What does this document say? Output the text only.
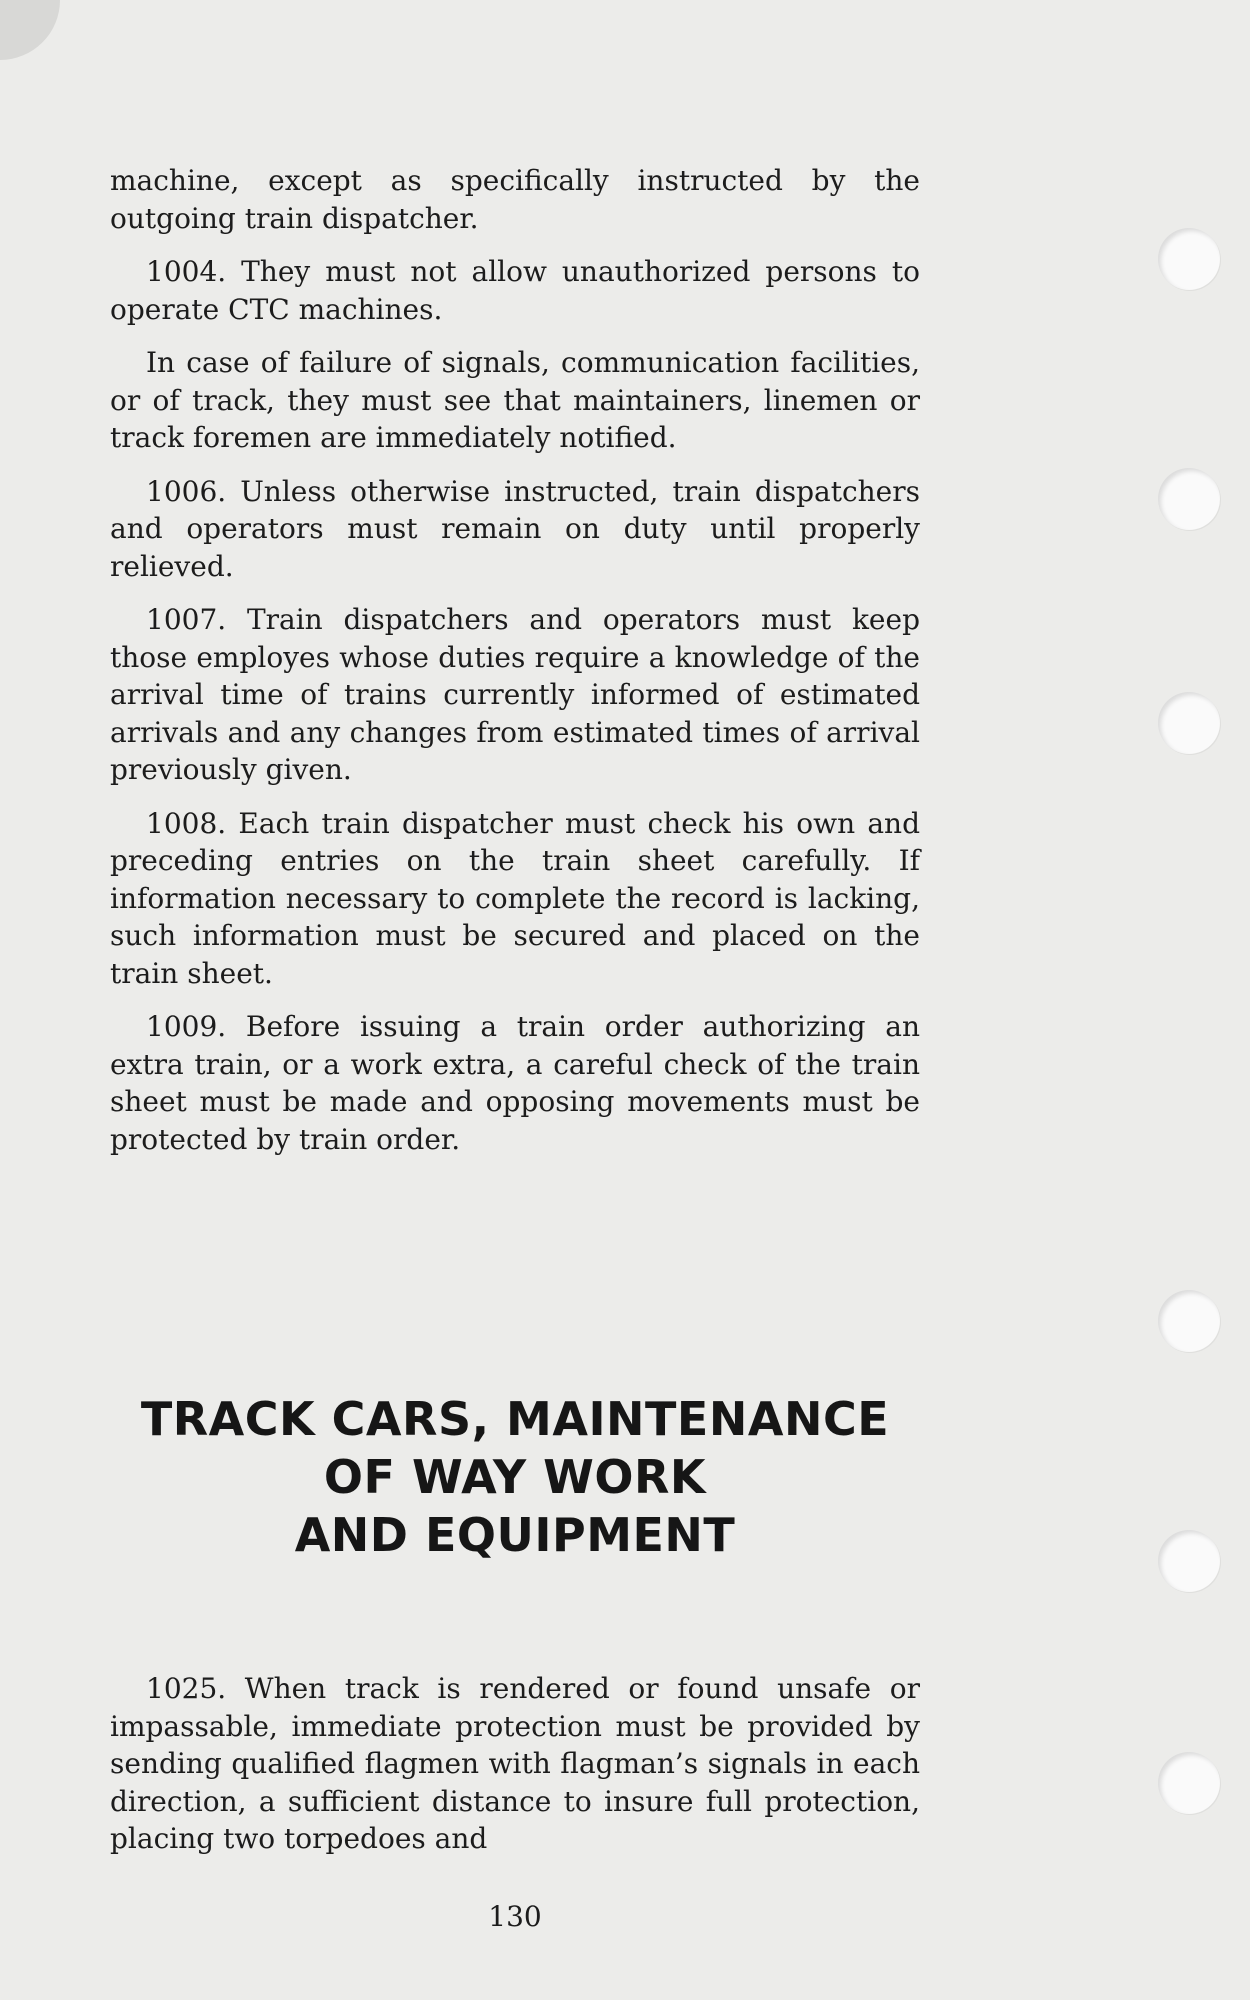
machine, except as specifically instructed by the outgoing train dispatcher.

1004. They must not allow unauthorized persons to operate CTC machines.

In case of failure of signals, communication facilities, or of track, they must see that maintainers, linemen or track foremen are immediately notified.

1006. Unless otherwise instructed, train dispatchers and operators must remain on duty until properly relieved.

1007. Train dispatchers and operators must keep those employes whose duties require a knowledge of the arrival time of trains currently informed of estimated arrivals and any changes from estimated times of arrival previously given.

1008. Each train dispatcher must check his own and preceding entries on the train sheet carefully. If information necessary to complete the record is lacking, such information must be secured and placed on the train sheet.

1009. Before issuing a train order authorizing an extra train, or a work extra, a careful check of the train sheet must be made and opposing movements must be protected by train order.

TRACK CARS, MAINTENANCE
OF WAY WORK
AND EQUIPMENT

1025. When track is rendered or found unsafe or impassable, immediate protection must be provided by sending qualified flagmen with flagman’s signals in each direction, a sufficient distance to insure full protection, placing two torpedoes and

130
